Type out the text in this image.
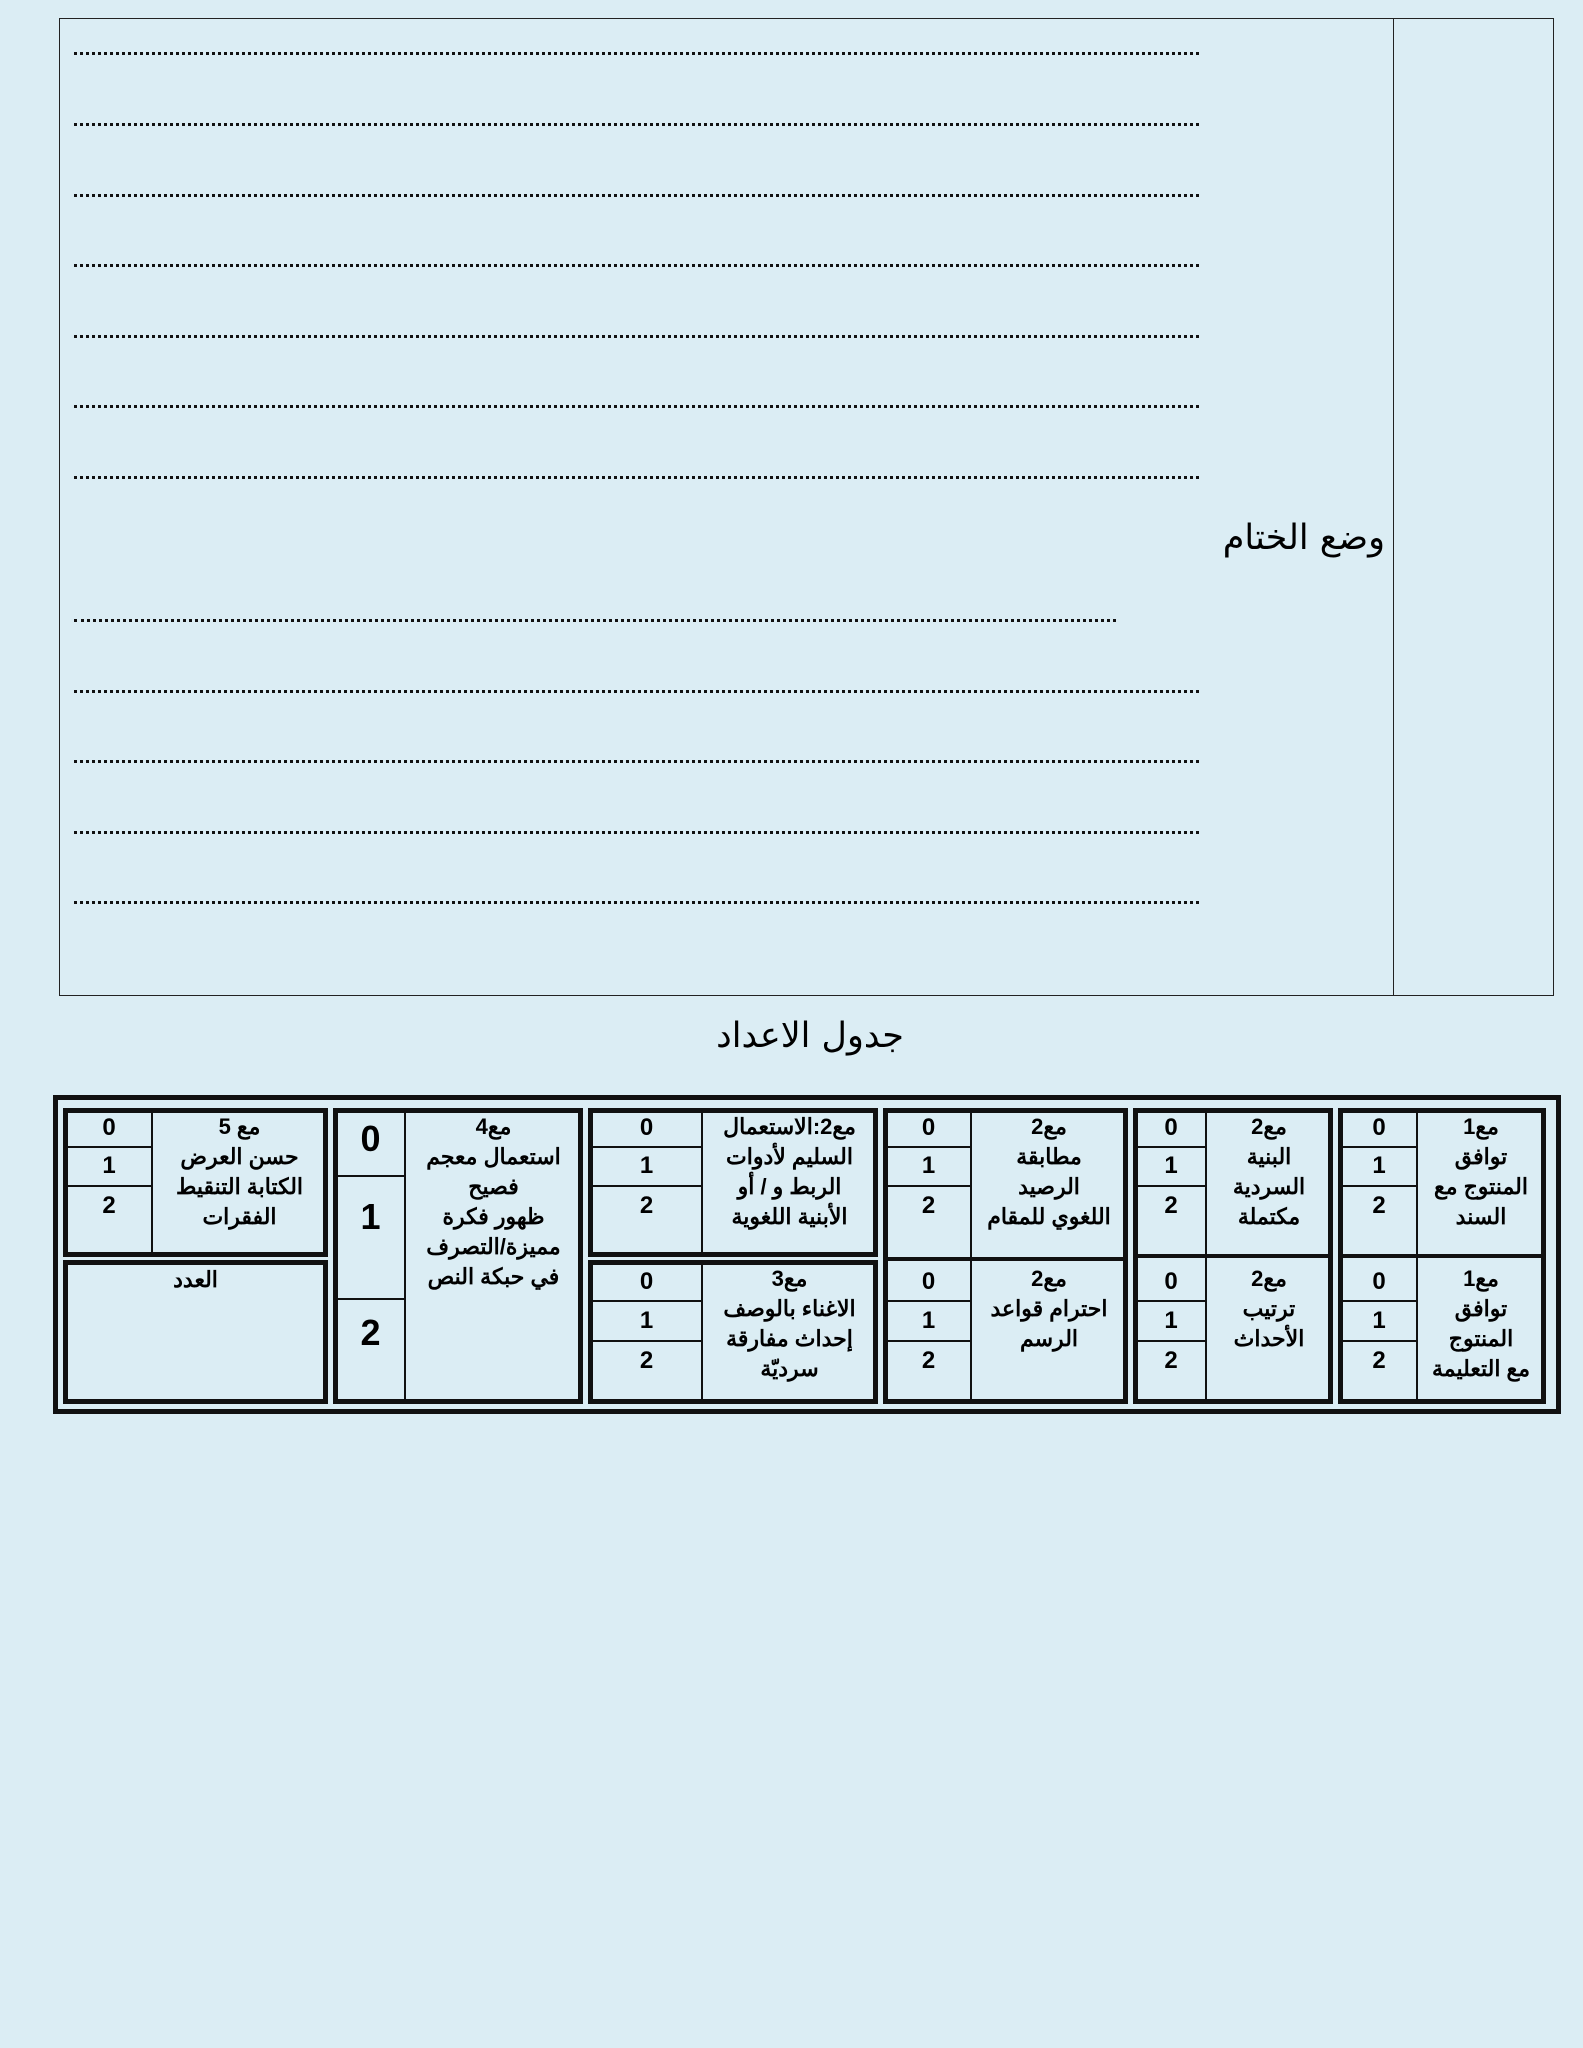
وضع الختام
جدول الاعداد
مع1
توافق
المنتوج مع
السند
مع1
توافق
المنتوج
مع التعليمة
0
1
2
0
1
2
مع2
البنية
السردية
مكتملة
مع2
ترتيب
الأحداث
0
1
2
0
1
2
مع2
مطابقة
الرصيد
اللغوي للمقام
مع2
احترام قواعد
الرسم
0
1
2
0
1
2
مع2:الاستعمال
السليم لأدوات
الربط و / أو
الأبنية اللغوية
0
1
2
مع3
الاغناء بالوصف
إحداث مفارقة
سرديّة
0
1
2
مع4
استعمال معجم
فصيح
ظهور فكرة
مميزة/التصرف
في حبكة النص
0
1
2
مع 5
حسن العرض
الكتابة التنقيط
الفقرات
0
1
2
العدد
